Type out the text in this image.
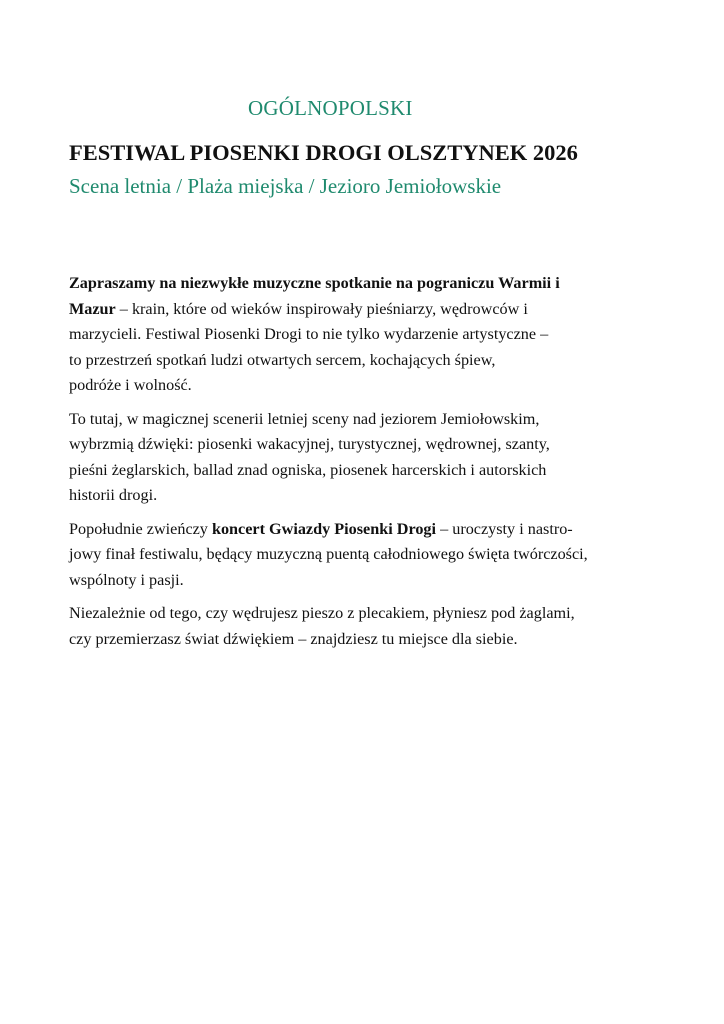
OGÓLNOPOLSKI
FESTIWAL PIOSENKI DROGI OLSZTYNEK 2026
Scena letnia / Plaża miejska / Jezioro Jemiołowskie

Zapraszamy na niezwykłe muzyczne spotkanie na pograniczu Warmii i
Mazur – krain, które od wieków inspirowały pieśniarzy, wędrowców i
marzycieli. Festiwal Piosenki Drogi to nie tylko wydarzenie artystyczne –
to przestrzeń spotkań ludzi otwartych sercem, kochających śpiew,
podróże i wolność.

To tutaj, w magicznej scenerii letniej sceny nad jeziorem Jemiołowskim,
wybrzmią dźwięki: piosenki wakacyjnej, turystycznej, wędrownej, szanty,
pieśni żeglarskich, ballad znad ogniska, piosenek harcerskich i autorskich
historii drogi.

Popołudnie zwieńczy koncert Gwiazdy Piosenki Drogi – uroczysty i nastro-
jowy finał festiwalu, będący muzyczną puentą całodniowego święta twórczości,
wspólnoty i pasji.

Niezależnie od tego, czy wędrujesz pieszo z plecakiem, płyniesz pod żaglami,
czy przemierzasz świat dźwiękiem – znajdziesz tu miejsce dla siebie.
